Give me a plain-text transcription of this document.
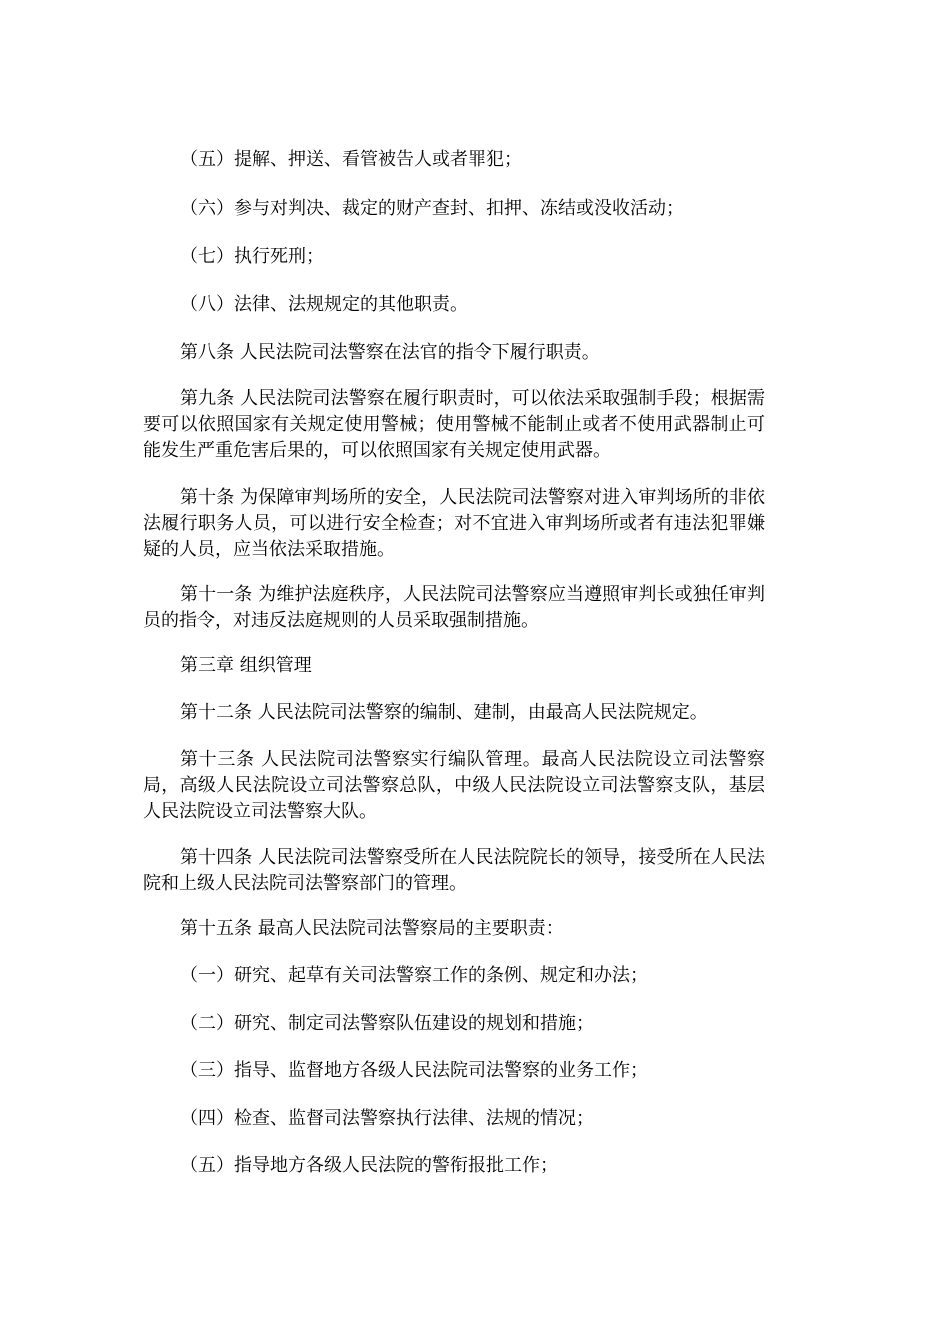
（五）提解、押送、看管被告人或者罪犯；

（六）参与对判决、裁定的财产查封、扣押、冻结或没收活动；

（七）执行死刑；

（八）法律、法规规定的其他职责。

第八条 人民法院司法警察在法官的指令下履行职责。

第九条 人民法院司法警察在履行职责时，可以依法采取强制手段；根据需要可以依照国家有关规定使用警械；使用警械不能制止或者不使用武器制止可能发生严重危害后果的，可以依照国家有关规定使用武器。

第十条 为保障审判场所的安全，人民法院司法警察对进入审判场所的非依法履行职务人员，可以进行安全检查；对不宜进入审判场所或者有违法犯罪嫌疑的人员，应当依法采取措施。

第十一条 为维护法庭秩序，人民法院司法警察应当遵照审判长或独任审判员的指令，对违反法庭规则的人员采取强制措施。

第三章 组织管理

第十二条 人民法院司法警察的编制、建制，由最高人民法院规定。

第十三条 人民法院司法警察实行编队管理。最高人民法院设立司法警察局，高级人民法院设立司法警察总队，中级人民法院设立司法警察支队，基层人民法院设立司法警察大队。

第十四条 人民法院司法警察受所在人民法院院长的领导，接受所在人民法院和上级人民法院司法警察部门的管理。

第十五条 最高人民法院司法警察局的主要职责：

（一）研究、起草有关司法警察工作的条例、规定和办法；

（二）研究、制定司法警察队伍建设的规划和措施；

（三）指导、监督地方各级人民法院司法警察的业务工作；

（四）检查、监督司法警察执行法律、法规的情况；

（五）指导地方各级人民法院的警衔报批工作；
